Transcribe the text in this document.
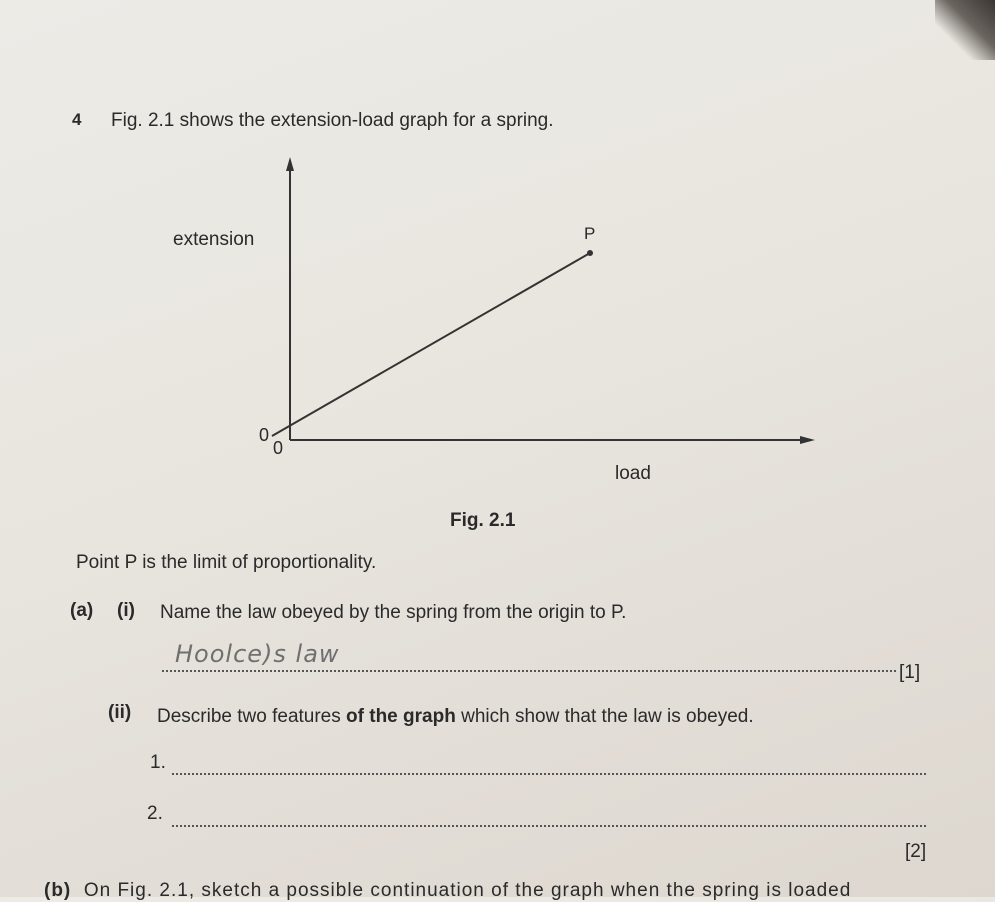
4 Fig. 2.1 shows the extension-load graph for a spring.
extension	P
0
0
load
Fig. 2.1
Point P is the limit of proportionality.
(a) (i) Name the law obeyed by the spring from the origin to P.
Hoolce)s law
[1]
(ii) Describe two features of the graph which show that the law is obeyed.
1.
2.
[2]
(b) On Fig. 2.1, sketch a possible continuation of the graph when the spring is loaded
